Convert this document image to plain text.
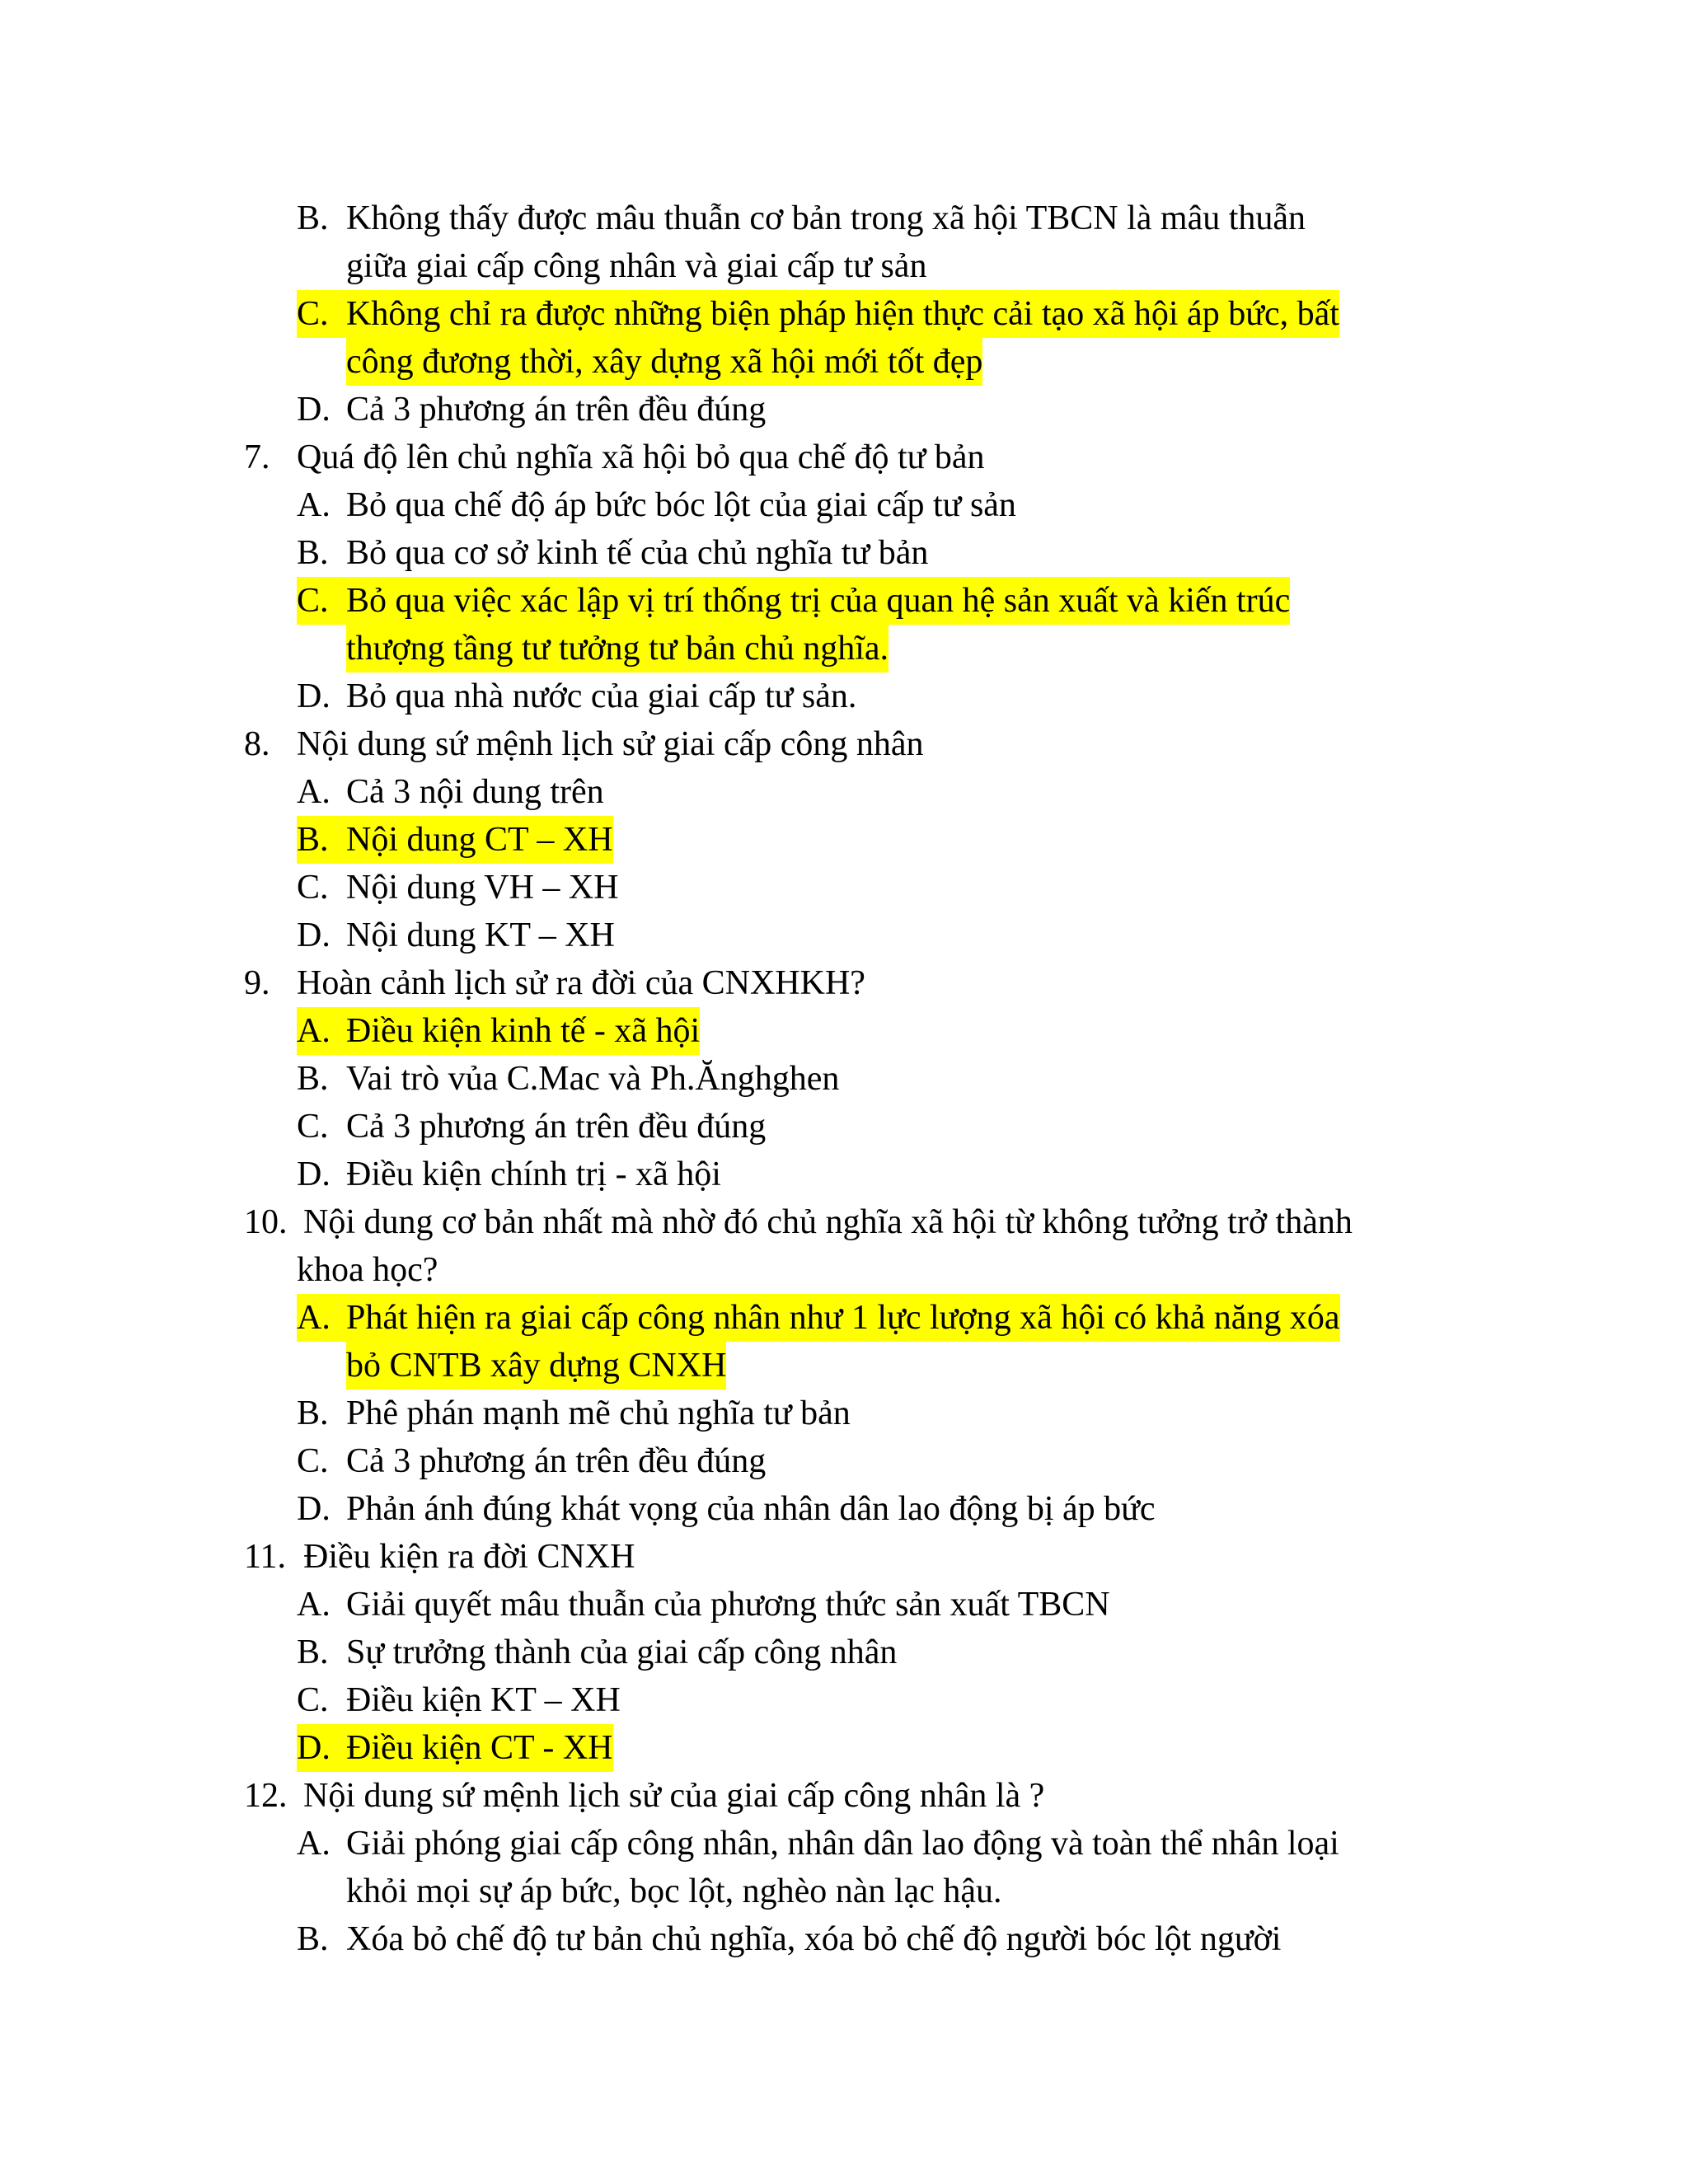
B. Không thấy được mâu thuẫn cơ bản trong xã hội TBCN là mâu thuẫn
giữa giai cấp công nhân và giai cấp tư sản
C. Không chỉ ra được những biện pháp hiện thực cải tạo xã hội áp bức, bất
công đương thời, xây dựng xã hội mới tốt đẹp
D. Cả 3 phương án trên đều đúng
7. Quá độ lên chủ nghĩa xã hội bỏ qua chế độ tư bản
A. Bỏ qua chế độ áp bức bóc lột của giai cấp tư sản
B. Bỏ qua cơ sở kinh tế của chủ nghĩa tư bản
C. Bỏ qua việc xác lập vị trí thống trị của quan hệ sản xuất và kiến trúc
thượng tầng tư tưởng tư bản chủ nghĩa.
D. Bỏ qua nhà nước của giai cấp tư sản.
8. Nội dung sứ mệnh lịch sử giai cấp công nhân
A. Cả 3 nội dung trên
B. Nội dung CT – XH
C. Nội dung VH – XH
D. Nội dung KT – XH
9. Hoàn cảnh lịch sử ra đời của CNXHKH?
A. Điều kiện kinh tế - xã hội
B. Vai trò vủa C.Mac và Ph.Ănghghen
C. Cả 3 phương án trên đều đúng
D. Điều kiện chính trị - xã hội
10. Nội dung cơ bản nhất mà nhờ đó chủ nghĩa xã hội từ không tưởng trở thành
khoa học?
A. Phát hiện ra giai cấp công nhân như 1 lực lượng xã hội có khả năng xóa
bỏ CNTB xây dựng CNXH
B. Phê phán mạnh mẽ chủ nghĩa tư bản
C. Cả 3 phương án trên đều đúng
D. Phản ánh đúng khát vọng của nhân dân lao động bị áp bức
11. Điều kiện ra đời CNXH
A. Giải quyết mâu thuẫn của phương thức sản xuất TBCN
B. Sự trưởng thành của giai cấp công nhân
C. Điều kiện KT – XH
D. Điều kiện CT - XH
12. Nội dung sứ mệnh lịch sử của giai cấp công nhân là ?
A. Giải phóng giai cấp công nhân, nhân dân lao động và toàn thể nhân loại
khỏi mọi sự áp bức, bọc lột, nghèo nàn lạc hậu.
B. Xóa bỏ chế độ tư bản chủ nghĩa, xóa bỏ chế độ người bóc lột người
